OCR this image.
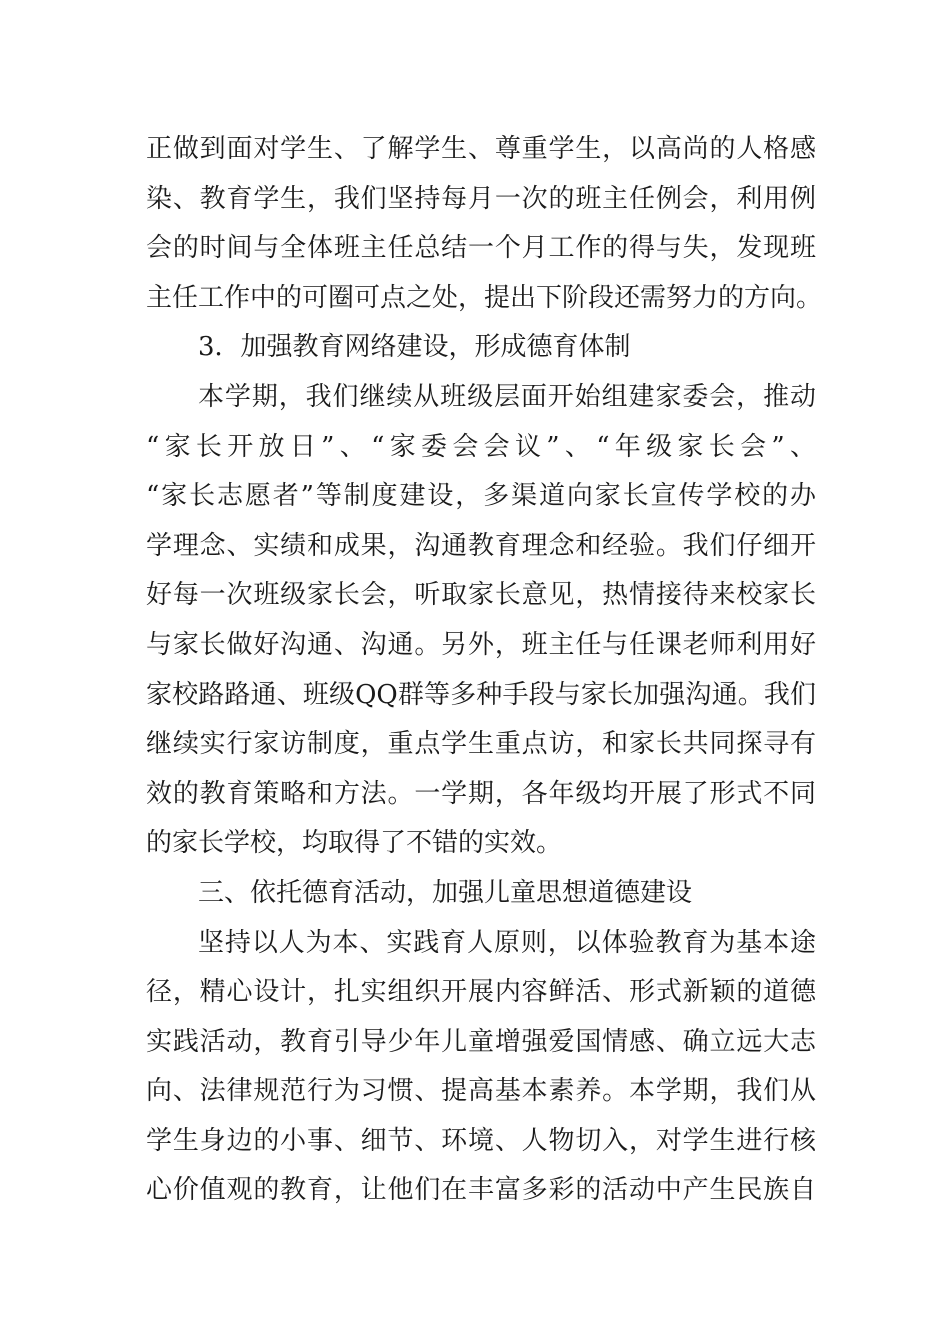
正做到面对学生、了解学生、尊重学生，以高尚的人格感
染、教育学生，我们坚持每月一次的班主任例会，利用例
会的时间与全体班主任总结一个月工作的得与失，发现班
主任工作中的可圈可点之处，提出下阶段还需努力的方向。
3．加强教育网络建设，形成德育体制
本学期，我们继续从班级层面开始组建家委会，推动
“家长开放日”、“家委会会议”、“年级家长会”、
“家长志愿者”等制度建设，多渠道向家长宣传学校的办
学理念、实绩和成果，沟通教育理念和经验。我们仔细开
好每一次班级家长会，听取家长意见，热情接待来校家长
与家长做好沟通、沟通。另外，班主任与任课老师利用好
家校路路通、班级QQ群等多种手段与家长加强沟通。我们
继续实行家访制度，重点学生重点访，和家长共同探寻有
效的教育策略和方法。一学期，各年级均开展了形式不同
的家长学校，均取得了不错的实效。
三、依托德育活动，加强儿童思想道德建设
坚持以人为本、实践育人原则，以体验教育为基本途
径，精心设计，扎实组织开展内容鲜活、形式新颖的道德
实践活动，教育引导少年儿童增强爱国情感、确立远大志
向、法律规范行为习惯、提高基本素养。本学期，我们从
学生身边的小事、细节、环境、人物切入，对学生进行核
心价值观的教育，让他们在丰富多彩的活动中产生民族自
